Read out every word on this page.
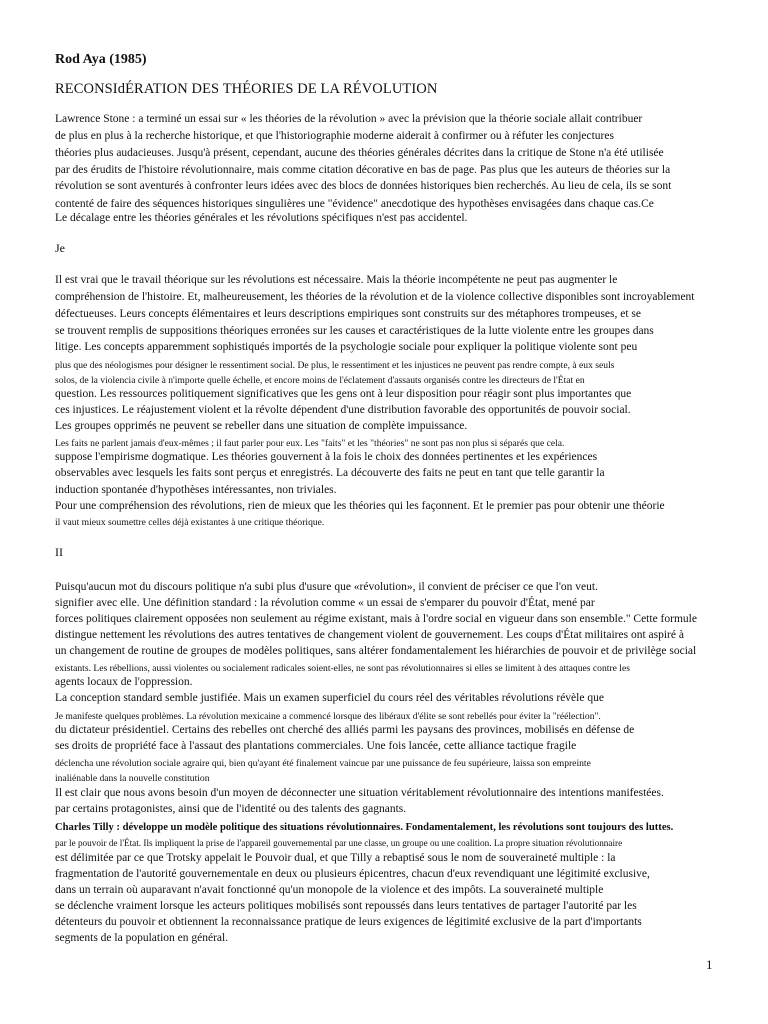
Rod Aya (1985)
RECONSIdÉRATION DES THÉORIES DE LA RÉVOLUTION
Lawrence Stone : a terminé un essai sur « les théories de la révolution » avec la prévision que la théorie sociale allait contribuer
de plus en plus à la recherche historique, et que l'historiographie moderne aiderait à confirmer ou à réfuter les conjectures
théories plus audacieuses. Jusqu'à présent, cependant, aucune des théories générales décrites dans la critique de Stone n'a été utilisée
par des érudits de l'histoire révolutionnaire, mais comme citation décorative en bas de page. Pas plus que les auteurs de théories sur la
révolution se sont aventurés à confronter leurs idées avec des blocs de données historiques bien recherchés. Au lieu de cela, ils se sont
contenté de faire des séquences historiques singulières une "évidence" anecdotique des hypothèses envisagées dans chaque cas.Ce
Le décalage entre les théories générales et les révolutions spécifiques n'est pas accidentel.
Je
Il est vrai que le travail théorique sur les révolutions est nécessaire. Mais la théorie incompétente ne peut pas augmenter le
compréhension de l'histoire. Et, malheureusement, les théories de la révolution et de la violence collective disponibles sont incroyablement
défectueuses. Leurs concepts élémentaires et leurs descriptions empiriques sont construits sur des métaphores trompeuses, et se
se trouvent remplis de suppositions théoriques erronées sur les causes et caractéristiques de la lutte violente entre les groupes dans
litige. Les concepts apparemment sophistiqués importés de la psychologie sociale pour expliquer la politique violente sont peu
plus que des néologismes pour désigner le ressentiment social. De plus, le ressentiment et les injustices ne peuvent pas rendre compte, à eux seuls
solos, de la violencia civile à n'importe quelle échelle, et encore moins de l'éclatement d'assauts organisés contre les directeurs de l'État en
question. Les ressources politiquement significatives que les gens ont à leur disposition pour réagir sont plus importantes que
ces injustices. Le réajustement violent et la révolte dépendent d'une distribution favorable des opportunités de pouvoir social.
Les groupes opprimés ne peuvent se rebeller dans une situation de complète impuissance.
Les faits ne parlent jamais d'eux-mêmes ; il faut parler pour eux. Les "faits" et les "théories" ne sont pas non plus si séparés que cela.
suppose l'empirisme dogmatique. Les théories gouvernent à la fois le choix des données pertinentes et les expériences
observables avec lesquels les faits sont perçus et enregistrés. La découverte des faits ne peut en tant que telle garantir la
induction spontanée d'hypothèses intéressantes, non triviales.
Pour une compréhension des révolutions, rien de mieux que les théories qui les façonnent. Et le premier pas pour obtenir une théorie
il vaut mieux soumettre celles déjà existantes à une critique théorique.
II
Puisqu'aucun mot du discours politique n'a subi plus d'usure que «révolution», il convient de préciser ce que l'on veut.
signifier avec elle. Une définition standard : la révolution comme « un essai de s'emparer du pouvoir d'État, mené par
forces politiques clairement opposées non seulement au régime existant, mais à l'ordre social en vigueur dans son ensemble." Cette formule
distingue nettement les révolutions des autres tentatives de changement violent de gouvernement. Les coups d'État militaires ont aspiré à
un changement de routine de groupes de modèles politiques, sans altérer fondamentalement les hiérarchies de pouvoir et de privilège social
existants. Les rébellions, aussi violentes ou socialement radicales soient-elles, ne sont pas révolutionnaires si elles se limitent à des attaques contre les
agents locaux de l'oppression.
La conception standard semble justifiée. Mais un examen superficiel du cours réel des véritables révolutions révèle que
Je manifeste quelques problèmes. La révolution mexicaine a commencé lorsque des libéraux d'élite se sont rebellés pour éviter la "réélection".
du dictateur présidentiel. Certains des rebelles ont cherché des alliés parmi les paysans des provinces, mobilisés en défense de
ses droits de propriété face à l'assaut des plantations commerciales. Une fois lancée, cette alliance tactique fragile
déclencha une révolution sociale agraire qui, bien qu'ayant été finalement vaincue par une puissance de feu supérieure, laissa son empreinte
inaliénable dans la nouvelle constitution
Il est clair que nous avons besoin d'un moyen de déconnecter une situation véritablement révolutionnaire des intentions manifestées.
par certains protagonistes, ainsi que de l'identité ou des talents des gagnants.
Charles Tilly : développe un modèle politique des situations révolutionnaires. Fondamentalement, les révolutions sont toujours des luttes.
par le pouvoir de l'État. Ils impliquent la prise de l'appareil gouvernemental par une classe, un groupe ou une coalition. La propre situation révolutionnaire
est délimitée par ce que Trotsky appelait le Pouvoir dual, et que Tilly a rebaptisé sous le nom de souveraineté multiple : la
fragmentation de l'autorité gouvernementale en deux ou plusieurs épicentres, chacun d'eux revendiquant une légitimité exclusive,
dans un terrain où auparavant n'avait fonctionné qu'un monopole de la violence et des impôts. La souveraineté multiple
se déclenche vraiment lorsque les acteurs politiques mobilisés sont repoussés dans leurs tentatives de partager l'autorité par les
détenteurs du pouvoir et obtiennent la reconnaissance pratique de leurs exigences de légitimité exclusive de la part d'importants
segments de la population en général.
1
